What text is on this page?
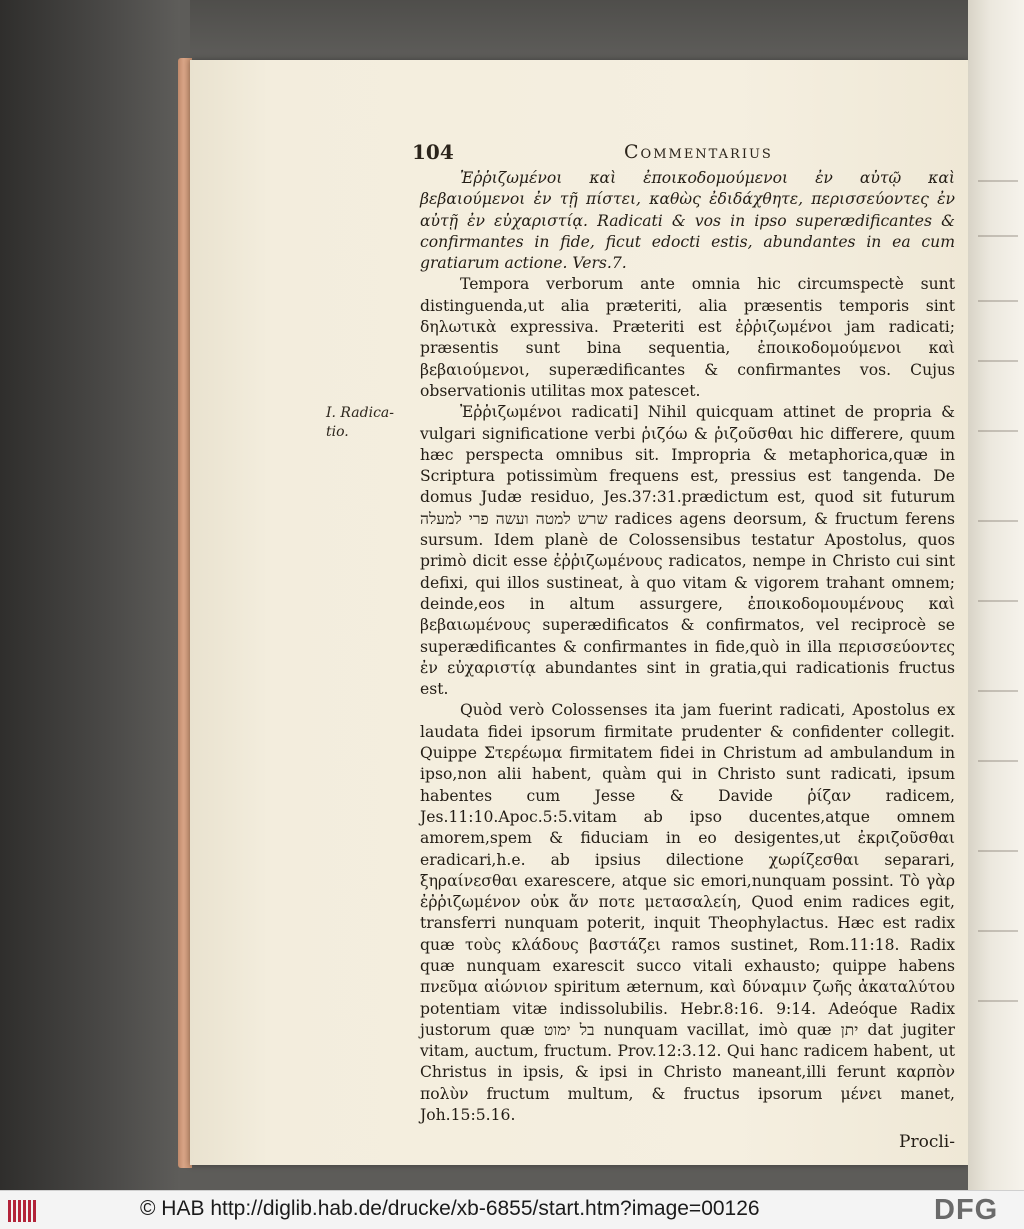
104	Commentarius
I. Radica-tio.

Ἐῤῥιζωμένοι καὶ ἐποικοδομούμενοι ἐν αὐτῷ καὶ βεβαιούμενοι ἐν τῇ πίστει, καθὼς ἐδιδάχθητε, περισσεύοντες ἐν αὐτῇ ἐν εὐχαριστίᾳ. Radicati & vos in ipso superædificantes & confirmantes in fide, ficut edocti estis, abundantes in ea cum gratiarum actione. Vers.7.

Tempora verborum ante omnia hic circumspectè sunt distinguenda,ut alia præteriti, alia præsentis temporis sint δηλωτικὰ expressiva. Præteriti est ἐῤῥιζωμένοι jam radicati; præsentis sunt bina sequentia, ἐποικοδομούμενοι καὶ βεβαιούμενοι, superædificantes & confirmantes vos. Cujus observationis utilitas mox patescet.

Ἐῤῥιζωμένοι radicati] Nihil quicquam attinet de propria & vulgari significatione verbi ῥιζόω & ῥιζοῦσθαι hic differere, quum hæc perspecta omnibus sit. Impropria & metaphorica,quæ in Scriptura potissimùm frequens est, pressius est tangenda. De domus Judæ residuo, Jes.37:31.prædictum est, quod sit futurum שרש למטה ועשה פרי למעלה radices agens deorsum, & fructum ferens sursum. Idem planè de Colossensibus testatur Apostolus, quos primò dicit esse ἐῤῥιζωμένους radicatos, nempe in Christo cui sint defixi, qui illos sustineat, à quo vitam & vigorem trahant omnem; deinde,eos in altum assurgere, ἐποικοδομουμένους καὶ βεβαιωμένους superædificatos & confirmatos, vel reciprocè se superædificantes & confirmantes in fide,quò in illa περισσεύοντες ἐν εὐχαριστίᾳ abundantes sint in gratia,qui radicationis fructus est.

Quòd verò Colossenses ita jam fuerint radicati, Apostolus ex laudata fidei ipsorum firmitate prudenter & confidenter collegit. Quippe Στερέωμα firmitatem fidei in Christum ad ambulandum in ipso,non alii habent, quàm qui in Christo sunt radicati, ipsum habentes cum Jesse & Davide ῥίζαν radicem, Jes.11:10.Apoc.5:5.vitam ab ipso ducentes,atque omnem amorem,spem & fiduciam in eo desigentes,ut ἐκριζοῦσθαι eradicari,h.e. ab ipsius dilectione χωρίζεσθαι separari, ξηραίνεσθαι exarescere, atque sic emori,nunquam possint. Τὸ γὰρ ἐῤῥιζωμένον οὐκ ἄν ποτε μετασαλείη, Quod enim radices egit, transferri nunquam poterit, inquit Theophylactus. Hæc est radix quæ τοὺς κλάδους βαστάζει ramos sustinet, Rom.11:18. Radix quæ nunquam exarescit succo vitali exhausto; quippe habens πνεῦμα αἰώνιον spiritum æternum, καὶ δύναμιν ζωῆς ἀκαταλύτου potentiam vitæ indissolubilis. Hebr.8:16. 9:14. Adeóque Radix justorum quæ בל ימוט nunquam vacillat, imò quæ יתן dat jugiter vitam, auctum, fructum. Prov.12:3.12. Qui hanc radicem habent, ut Christus in ipsis, & ipsi in Christo maneant,illi ferunt καρπὸν πολὺν fructum multum, & fructus ipsorum μένει manet, Joh.15:5.16.

Procli-

© HAB http://diglib.hab.de/drucke/xb-6855/start.htm?image=00126	DFG
